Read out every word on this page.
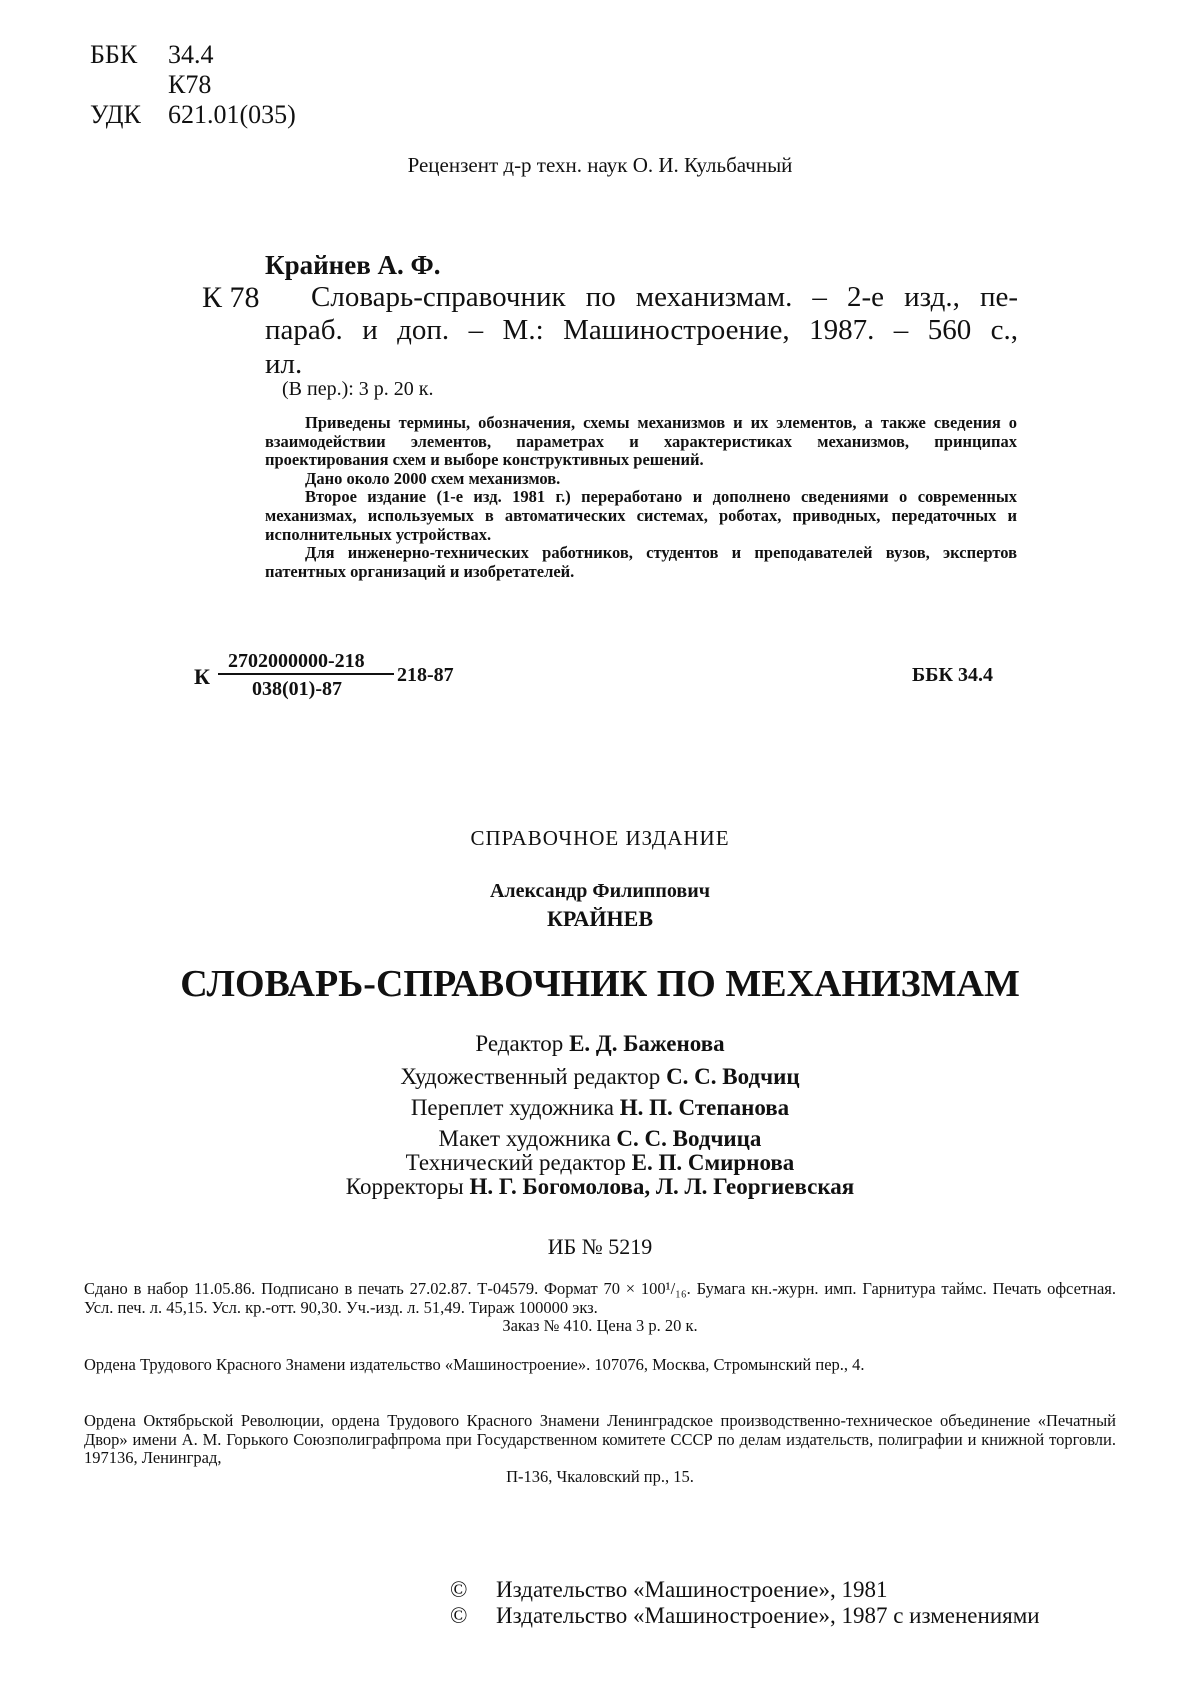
ББК 34.4
К78
УДК 621.01(035)
Рецензент д-р техн. наук О. И. Кульбачный
Крайнев А. Ф.
К 78 Словарь-справочник по механизмам. – 2-е изд., пе-
параб. и доп. – М.: Машиностроение, 1987. – 560 с.,
ил.
(В пер.): 3 р. 20 к.

Приведены термины, обозначения, схемы механизмов и их элементов, а также сведения о взаимодействии элементов, параметрах и характеристиках механизмов, принципах проектирования схем и выборе конструктивных решений.

Дано около 2000 схем механизмов.

Второе издание (1-е изд. 1981 г.) переработано и дополнено сведениями о современных механизмах, используемых в автоматических системах, роботах, приводных, передаточных и исполнительных устройствах.

Для инженерно-технических работников, студентов и преподавателей вузов, экспертов патентных организаций и изобретателей.

К
2702000000-218
038(01)-87
218-87	ББК 34.4
СПРАВОЧНОЕ ИЗДАНИЕ
Александр Филиппович
КРАЙНЕВ
СЛОВАРЬ-СПРАВОЧНИК ПО МЕХАНИЗМАМ
Редактор Е. Д. Баженова
Художественный редактор С. С. Водчиц
Переплет художника Н. П. Степанова
Макет художника С. С. Водчица
Технический редактор Е. П. Смирнова
Корректоры Н. Г. Богомолова, Л. Л. Георгиевская
ИБ № 5219

Сдано в набор 11.05.86. Подписано в печать 27.02.87. Т-04579. Формат 70 × 100¹/₁₆. Бумага кн.-журн. имп. Гарнитура таймс. Печать офсетная. Усл. печ. л. 45,15. Усл. кр.-отт. 90,30. Уч.-изд. л. 51,49. Тираж 100000 экз.

Заказ № 410. Цена 3 р. 20 к.

Ордена Трудового Красного Знамени издательство «Машиностроение». 107076, Москва, Стромынский пер., 4.

Ордена Октябрьской Революции, ордена Трудового Красного Знамени Ленинградское производственно-техническое объединение «Печатный Двор» имени А. М. Горького Союзполиграфпрома при Государственном комитете СССР по делам издательств, полиграфии и книжной торговли. 197136, Ленинград,

П-136, Чкаловский пр., 15.

© Издательство «Машиностроение», 1981
© Издательство «Машиностроение», 1987 с изменениями
